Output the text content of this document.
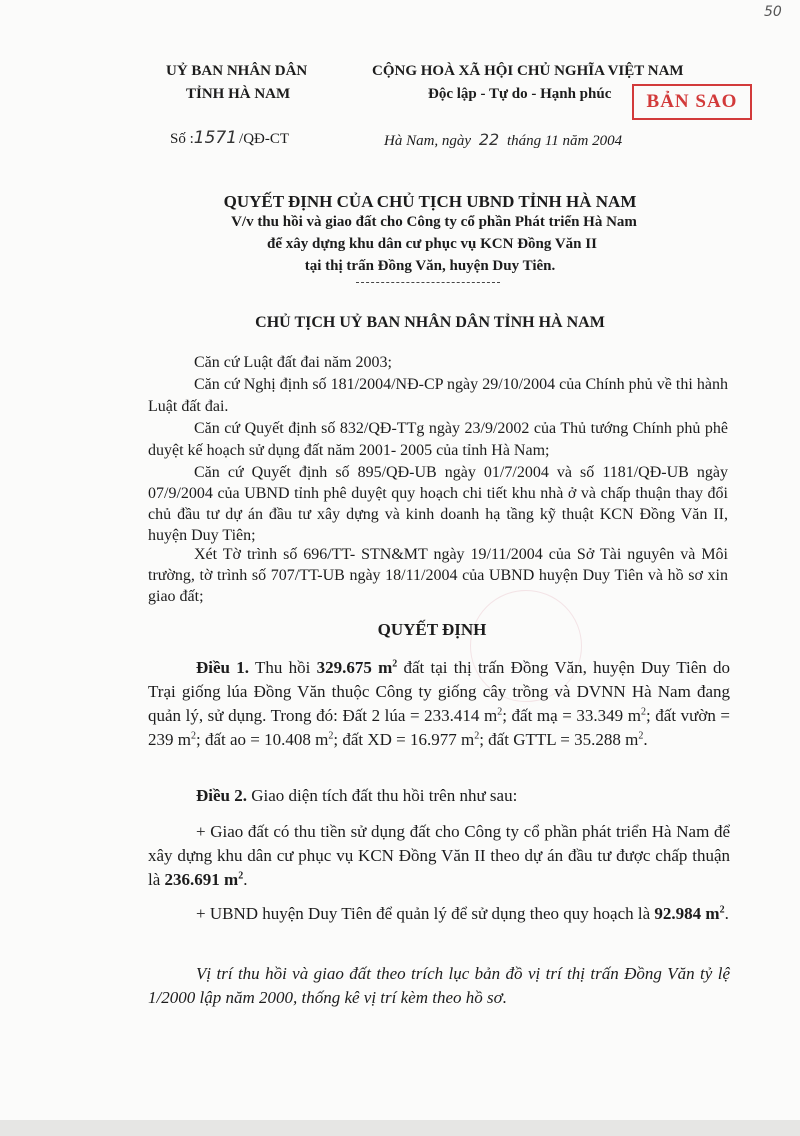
50
UỶ BAN NHÂN DÂN
TỈNH HÀ NAM
CỘNG HOÀ XÃ HỘI CHỦ NGHĨA VIỆT NAM
Độc lập - Tự do - Hạnh phúc	BẢN SAO
Số :1571 /QĐ-CT	Hà Nam, ngày 22 tháng 11 năm 2004
QUYẾT ĐỊNH CỦA CHỦ TỊCH UBND TỈNH HÀ NAM
V/v thu hồi và giao đất cho Công ty cổ phần Phát triển Hà Nam
để xây dựng khu dân cư phục vụ KCN Đồng Văn II
tại thị trấn Đồng Văn, huyện Duy Tiên.
CHỦ TỊCH UỶ BAN NHÂN DÂN TỈNH HÀ NAM
Căn cứ Luật đất đai năm 2003;
Căn cứ Nghị định số 181/2004/NĐ-CP ngày 29/10/2004 của Chính phủ về thi hành Luật đất đai.
Căn cứ Quyết định số 832/QĐ-TTg ngày 23/9/2002 của Thủ tướng Chính phủ phê duyệt kế hoạch sử dụng đất năm 2001- 2005 của tỉnh Hà Nam;
Căn cứ Quyết định số 895/QĐ-UB ngày 01/7/2004 và số 1181/QĐ-UB ngày 07/9/2004 của UBND tỉnh phê duyệt quy hoạch chi tiết khu nhà ở và chấp thuận thay đổi chủ đầu tư dự án đầu tư xây dựng và kinh doanh hạ tầng kỹ thuật KCN Đồng Văn II, huyện Duy Tiên;
Xét Tờ trình số 696/TT- STN&MT ngày 19/11/2004 của Sở Tài nguyên và Môi trường, tờ trình số 707/TT-UB ngày 18/11/2004 của UBND huyện Duy Tiên và hồ sơ xin giao đất;
QUYẾT ĐỊNH
Điều 1. Thu hồi 329.675 $m^2$ đất tại thị trấn Đồng Văn, huyện Duy Tiên do Trại giống lúa Đồng Văn thuộc Công ty giống cây trồng và DVNN Hà Nam đang quản lý, sử dụng. Trong đó: Đất 2 lúa = 233.414 $m^2$; đất mạ = 33.349 $m^2$; đất vườn = 239 $m^2$; đất ao = 10.408 $m^2$; đất XD = 16.977 $m^2$; đất GTTL = 35.288 $m^2$.
Điều 2. Giao diện tích đất thu hồi trên như sau:
+ Giao đất có thu tiền sử dụng đất cho Công ty cổ phần phát triển Hà Nam để xây dựng khu dân cư phục vụ KCN Đồng Văn II theo dự án đầu tư được chấp thuận là 236.691 $m^2$.
+ UBND huyện Duy Tiên để quản lý để sử dụng theo quy hoạch là 92.984 $m^2$.
Vị trí thu hồi và giao đất theo trích lục bản đồ vị trí thị trấn Đồng Văn tỷ lệ 1/2000 lập năm 2000, thống kê vị trí kèm theo hồ sơ.
